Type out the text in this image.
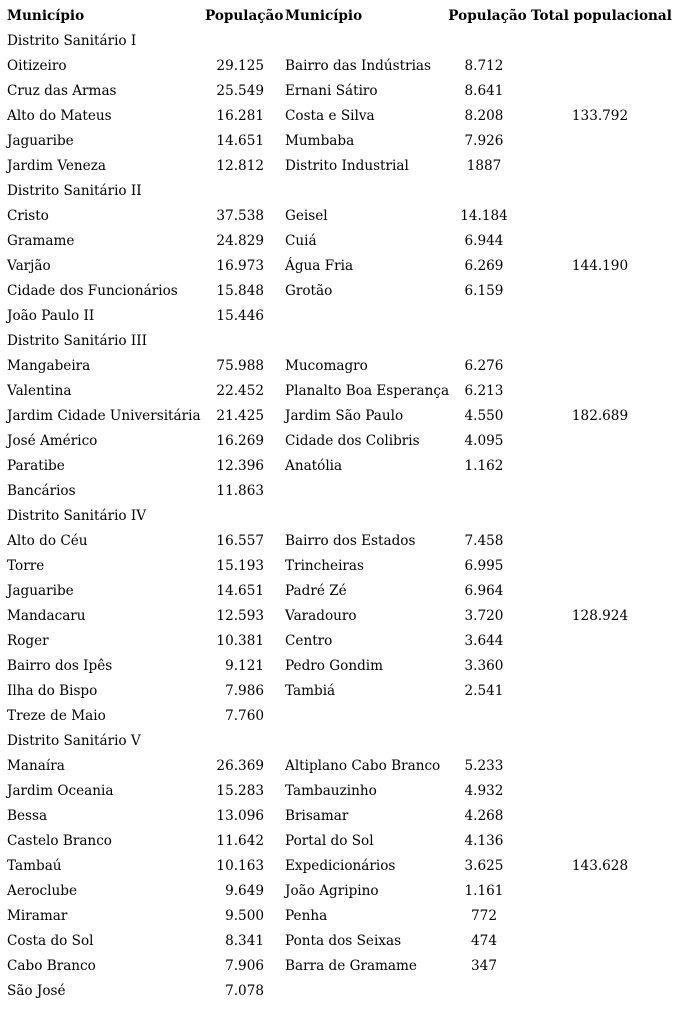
Município	População	Município	População	Total populacional
Distrito Sanitário I				
Oitizeiro	29.125	Bairro das Indústrias	8.712	
Cruz das Armas	25.549	Ernani Sátiro	8.641	
Alto do Mateus	16.281	Costa e Silva	8.208	133.792
Jaguaribe	14.651	Mumbaba	7.926	
Jardim Veneza	12.812	Distrito Industrial	1887	
Distrito Sanitário II				
Cristo	37.538	Geisel	14.184	
Gramame	24.829	Cuiá	6.944	
Varjão	16.973	Água Fria	6.269	144.190
Cidade dos Funcionários	15.848	Grotão	6.159	
João Paulo II	15.446			
Distrito Sanitário III				
Mangabeira	75.988	Mucomagro	6.276	
Valentina	22.452	Planalto Boa Esperança	6.213	
Jardim Cidade Universitária	21.425	Jardim São Paulo	4.550	182.689
José Américo	16.269	Cidade dos Colibris	4.095	
Paratibe	12.396	Anatólia	1.162	
Bancários	11.863			
Distrito Sanitário IV				
Alto do Céu	16.557	Bairro dos Estados	7.458	
Torre	15.193	Trincheiras	6.995	
Jaguaribe	14.651	Padré Zé	6.964	
Mandacaru	12.593	Varadouro	3.720	128.924
Roger	10.381	Centro	3.644	
Bairro dos Ipês	9.121	Pedro Gondim	3.360	
Ilha do Bispo	7.986	Tambiá	2.541	
Treze de Maio	7.760			
Distrito Sanitário V				
Manaíra	26.369	Altiplano Cabo Branco	5.233	
Jardim Oceania	15.283	Tambauzinho	4.932	
Bessa	13.096	Brisamar	4.268	
Castelo Branco	11.642	Portal do Sol	4.136	
Tambaú	10.163	Expedicionários	3.625	143.628
Aeroclube	9.649	João Agripino	1.161	
Miramar	9.500	Penha	772	
Costa do Sol	8.341	Ponta dos Seixas	474	
Cabo Branco	7.906	Barra de Gramame	347	
São José	7.078			
